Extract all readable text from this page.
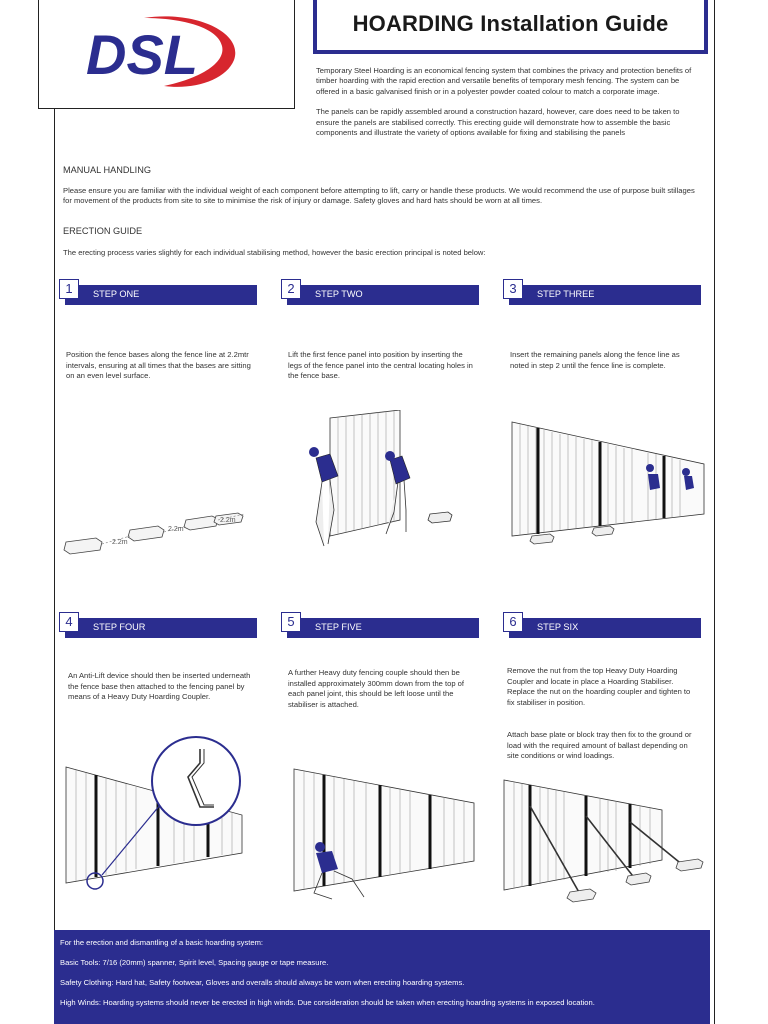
DSL	HOARDING Installation Guide

Temporary Steel Hoarding is an economical fencing system that combines the privacy and protection benefits of timber hoarding with the rapid erection and versatile benefits of temporary mesh fencing. The system can be offered in a basic galvanised finish or in a polyester powder coated colour to match a corporate image.

The panels can be rapidly assembled around a construction hazard, however, care does need to be taken to ensure the panels are stabilised correctly. This erecting guide will demonstrate how to assemble the basic components and illustrate the variety of options available for fixing and stabilising the panels

MANUAL HANDLING
Please ensure you are familiar with the individual weight of each component before attempting to lift, carry or handle these products. We would recommend the use of purpose built stillages for movement of the products from site to site to minimise the risk of injury or damage. Safety gloves and hard hats should be worn at all times.
ERECTION GUIDE
The erecting process varies slightly for each individual stabilising method, however the basic erection principal is noted below:
STEP ONE
1
Position the fence bases along the fence line at 2.2mtr intervals, ensuring at all times that the bases are sitting on an even level surface.
2.2m
2.2m
2.2m
STEP TWO
2
Lift the first fence panel into position by inserting the legs of the fence panel into the central locating holes in the fence base.
STEP THREE
3
Insert the remaining panels along the fence line as noted in step 2 until the fence line is complete.
STEP FOUR
4
An Anti-Lift device should then be inserted underneath the fence base then attached to the fencing panel by means of a Heavy Duty Hoarding Coupler.
STEP FIVE
5
A further Heavy duty fencing couple should then be installed approximately 300mm down from the top of each panel joint, this should be left loose until the stabiliser is attached.
STEP SIX
6
Remove the nut from the top Heavy Duty Hoarding Coupler and locate in place a Hoarding Stabiliser. Replace the nut on the hoarding coupler and tighten to fix stabiliser in position.
Attach base plate or block tray then fix to the ground or load with the required amount of ballast depending on site conditions or wind loadings.

For the erection and dismantling of a basic hoarding system:

Basic Tools: 7/16 (20mm) spanner, Spirit level, Spacing gauge or tape measure.

Safety Clothing: Hard hat, Safety footwear, Gloves and overalls should always be worn when erecting hoarding systems.

High Winds: Hoarding systems should never be erected in high winds. Due consideration should be taken when erecting hoarding systems in exposed location.
